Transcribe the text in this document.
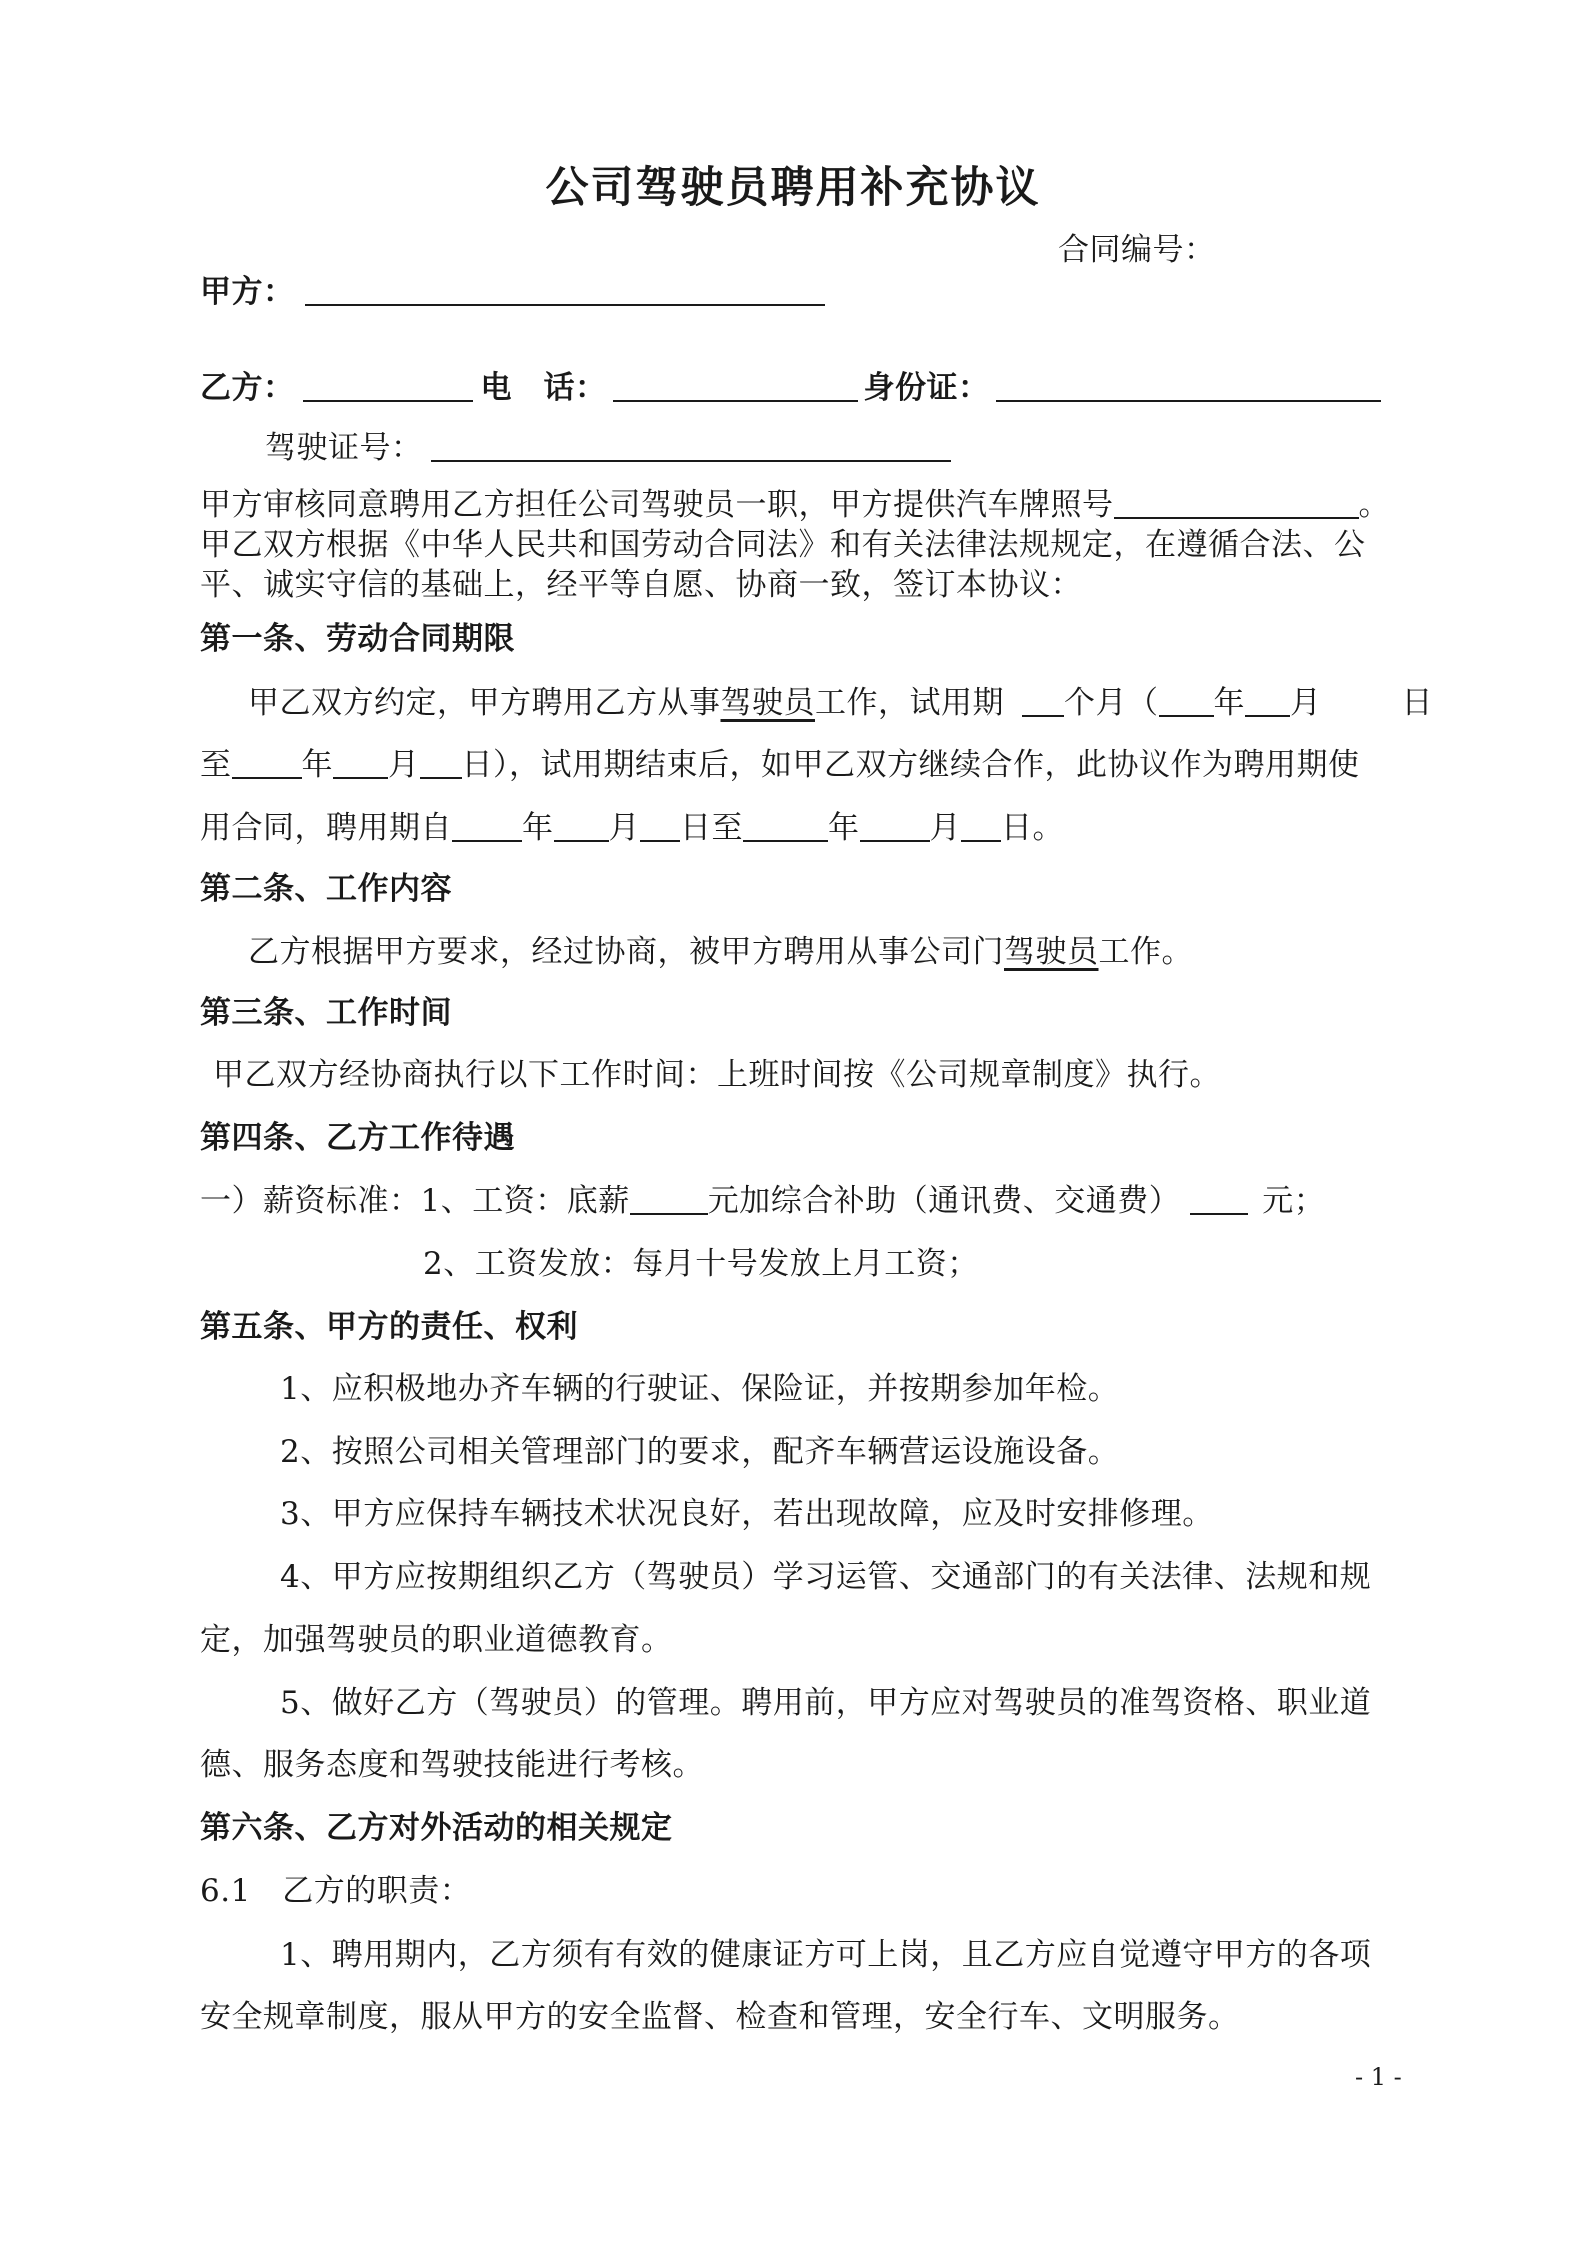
公司驾驶员聘用补充协议
合同编号：
甲方：
乙方：	电　话：	身份证：
驾驶证号：
甲方审核同意聘用乙方担任公司驾驶员一职，甲方提供汽车牌照号	。
甲乙双方根据《中华人民共和国劳动合同法》和有关法律法规规定，在遵循合法、公
平、诚实守信的基础上，经平等自愿、协商一致，签订本协议：
第一条、劳动合同期限
甲乙双方约定，甲方聘用乙方从事驾驶员工作，试用期 个月（ 年 月	日
至 年 月 日），试用期结束后，如甲乙双方继续合作，此协议作为聘用期使
用合同，聘用期自 年 月 日至	年 月 日。
第二条、工作内容
乙方根据甲方要求，经过协商，被甲方聘用从事公司门驾驶员工作。
第三条、工作时间
甲乙双方经协商执行以下工作时间：上班时间按《公司规章制度》执行。
第四条、乙方工作待遇
一）薪资标准：1、工资：底薪	元加综合补助（通讯费、交通费）	元；
2、工资发放：每月十号发放上月工资；
第五条、甲方的责任、权利
1、应积极地办齐车辆的行驶证、保险证，并按期参加年检。
2、按照公司相关管理部门的要求，配齐车辆营运设施设备。
3、甲方应保持车辆技术状况良好，若出现故障，应及时安排修理。
4、甲方应按期组织乙方（驾驶员）学习运管、交通部门的有关法律、法规和规
定，加强驾驶员的职业道德教育。
5、做好乙方（驾驶员）的管理。聘用前，甲方应对驾驶员的准驾资格、职业道
德、服务态度和驾驶技能进行考核。
第六条、乙方对外活动的相关规定
6.1　乙方的职责：
1、聘用期内，乙方须有有效的健康证方可上岗，且乙方应自觉遵守甲方的各项
安全规章制度，服从甲方的安全监督、检查和管理，安全行车、文明服务。
- 1 -
